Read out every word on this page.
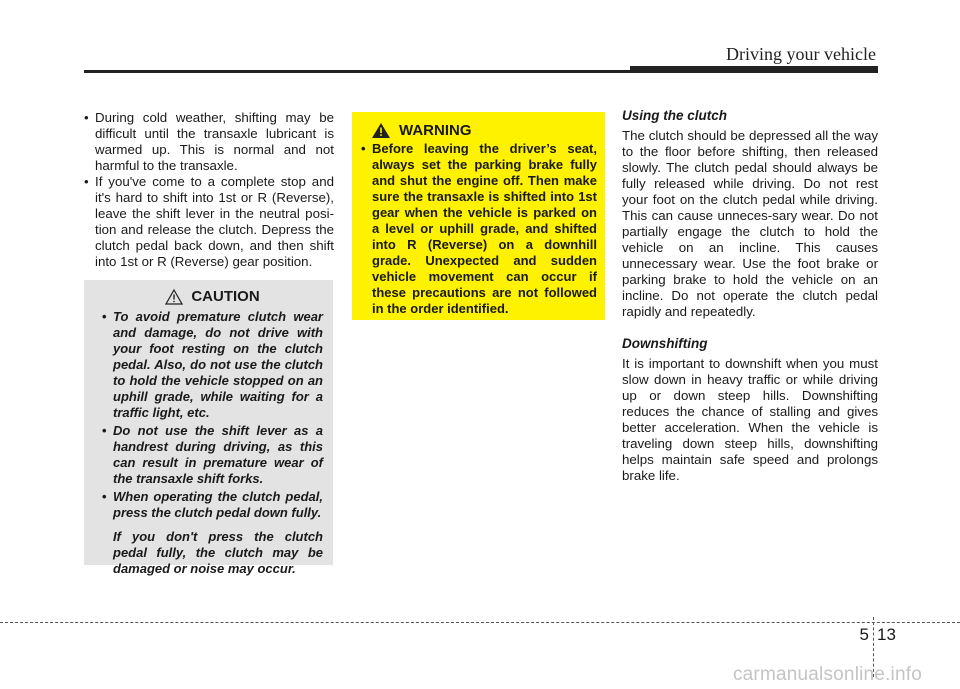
Driving your vehicle
• During cold weather, shifting may be difficult until the transaxle lubricant is warmed up. This is normal and not harmful to the transaxle.
• If you've come to a complete stop and it's hard to shift into 1st or R (Reverse), leave the shift lever in the neutral posi-tion and release the clutch. Depress the clutch pedal back down, and then shift into 1st or R (Reverse) gear position.
CAUTION
• To avoid premature clutch wear and damage, do not drive with your foot resting on the clutch pedal. Also, do not use the clutch to hold the vehicle stopped on an uphill grade, while waiting for a traffic light, etc.
• Do not use the shift lever as a handrest during driving, as this can result in premature wear of the transaxle shift forks.
• When operating the clutch pedal, press the clutch pedal down fully.
If you don't press the clutch pedal fully, the clutch may be damaged or noise may occur.
WARNING
• Before leaving the driver’s seat, always set the parking brake fully and shut the engine off. Then make sure the transaxle is shifted into 1st gear when the vehicle is parked on a level or uphill grade, and shifted into R (Reverse) on a downhill grade. Unexpected and sudden vehicle movement can occur if these precautions are not followed in the order identified.
Using the clutch

The clutch should be depressed all the way to the floor before shifting, then released slowly. The clutch pedal should always be fully released while driving. Do not rest your foot on the clutch pedal while driving. This can cause unneces-sary wear. Do not partially engage the clutch to hold the vehicle on an incline. This causes unnecessary wear. Use the foot brake or parking brake to hold the vehicle on an incline. Do not operate the clutch pedal rapidly and repeatedly.

Downshifting

It is important to downshift when you must slow down in heavy traffic or while driving up or down steep hills. Downshifting reduces the chance of stalling and gives better acceleration. When the vehicle is traveling down steep hills, downshifting helps maintain safe speed and prolongs brake life.

5 13
carmanualsonline.info
